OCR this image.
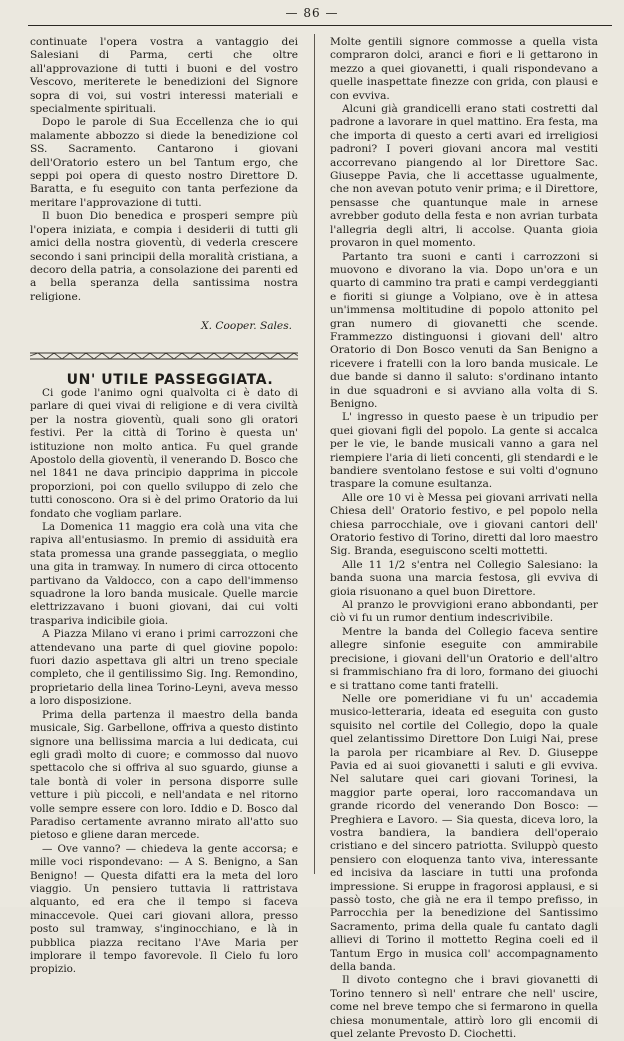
— 86 —

continuate l'opera vostra a vantaggio dei Salesiani di Parma, certi che oltre all'approvazione di tutti i buoni e del vostro Vescovo, meriterete le benedizioni del Signore sopra di voi, sui vostri interessi materiali e specialmente spirituali.

Dopo le parole di Sua Eccellenza che io qui malamente abbozzo si diede la benedizione col SS. Sacramento. Cantarono i giovani dell'Oratorio estero un bel Tantum ergo, che seppi poi opera di questo nostro Direttore D. Baratta, e fu eseguito con tanta perfezione da meritare l'approvazione di tutti.

Il buon Dio benedica e prosperi sempre più l'opera iniziata, e compia i desiderii di tutti gli amici della nostra gioventù, di vederla crescere secondo i sani principii della moralità cristiana, a decoro della patria, a consolazione dei parenti ed a bella speranza della santissima nostra religione.

X. Cooper. Sales.

UN' UTILE PASSEGGIATA.

Ci gode l'animo ogni qualvolta ci è dato di parlare di quei vivai di religione e di vera civiltà per la nostra gioventù, quali sono gli oratori festivi. Per la città di Torino è questa un' istituzione non molto antica. Fu quel grande Apostolo della gioventù, il venerando D. Bosco che nel 1841 ne dava principio dapprima in piccole proporzioni, poi con quello sviluppo di zelo che tutti conoscono. Ora si è del primo Oratorio da lui fondato che vogliam parlare.

La Domenica 11 maggio era colà una vita che rapiva all'entusiasmo. In premio di assiduità era stata promessa una grande passeggiata, o meglio una gita in tramway. In numero di circa ottocento partivano da Valdocco, con a capo dell'immenso squadrone la loro banda musicale. Quelle marcie elettrizzavano i buoni giovani, dai cui volti traspariva indicibile gioia.

A Piazza Milano vi erano i primi carrozzoni che attendevano una parte di quel giovine popolo: fuori dazio aspettava gli altri un treno speciale completo, che il gentilissimo Sig. Ing. Remondino, proprietario della linea Torino-Leyni, aveva messo a loro disposizione.

Prima della partenza il maestro della banda musicale, Sig. Garbellone, offriva a questo distinto signore una bellissima marcia a lui dedicata, cui egli gradì molto di cuore; e commosso dal nuovo spettacolo che si offriva al suo sguardo, giunse a tale bontà di voler in persona disporre sulle vetture i più piccoli, e nell'andata e nel ritorno volle sempre essere con loro. Iddio e D. Bosco dal Paradiso certamente avranno mirato all'atto suo pietoso e gliene daran mercede.

— Ove vanno? — chiedeva la gente accorsa; e mille voci rispondevano: — A S. Benigno, a San Benigno! — Questa difatti era la meta del loro viaggio. Un pensiero tuttavia li rattristava alquanto, ed era che il tempo si faceva minaccevole. Quei cari giovani allora, presso posto sul tramway, s'inginocchiano, e là in pubblica piazza recitano l'Ave Maria per implorare il tempo favorevole. Il Cielo fu loro propizio.

Molte gentili signore commosse a quella vista compraron dolci, aranci e fiori e li gettarono in mezzo a quei giovanetti, i quali rispondevano a quelle inaspettate finezze con grida, con plausi e con evviva.

Alcuni già grandicelli erano stati costretti dal padrone a lavorare in quel mattino. Era festa, ma che importa di questo a certi avari ed irreligiosi padroni? I poveri giovani ancora mal vestiti accorrevano piangendo al lor Direttore Sac. Giuseppe Pavia, che li accettasse ugualmente, che non avevan potuto venir prima; e il Direttore, pensasse che quantunque male in arnese avrebber goduto della festa e non avrian turbata l'allegria degli altri, li accolse. Quanta gioia provaron in quel momento.

Partanto tra suoni e canti i carrozzoni si muovono e divorano la via. Dopo un'ora e un quarto di cammino tra prati e campi verdeggianti e fioriti si giunge a Volpiano, ove è in attesa un'immensa moltitudine di popolo attonito pel gran numero di giovanetti che scende. Frammezzo distinguonsi i giovani dell' altro Oratorio di Don Bosco venuti da San Benigno a ricevere i fratelli con la loro banda musicale. Le due bande si danno il saluto: s'ordinano intanto in due squadroni e si avviano alla volta di S. Benigno.

L' ingresso in questo paese è un tripudio per quei giovani figli del popolo. La gente si accalca per le vie, le bande musicali vanno a gara nel riempiere l'aria di lieti concenti, gli stendardi e le bandiere sventolano festose e sui volti d'ognuno traspare la comune esultanza.

Alle ore 10 vi è Messa pei giovani arrivati nella Chiesa dell' Oratorio festivo, e pel popolo nella chiesa parrocchiale, ove i giovani cantori dell' Oratorio festivo di Torino, diretti dal loro maestro Sig. Branda, eseguiscono scelti mottetti.

Alle 11 1/2 s'entra nel Collegio Salesiano: la banda suona una marcia festosa, gli evviva di gioia risuonano a quel buon Direttore.

Al pranzo le provvigioni erano abbondanti, per ciò vi fu un rumor dentium indescrivibile.

Mentre la banda del Collegio faceva sentire allegre sinfonie eseguite con ammirabile precisione, i giovani dell'un Oratorio e dell'altro si frammischiano fra di loro, formano dei giuochi e si trattano come tanti fratelli.

Nelle ore pomeridiane vi fu un' accademia musico-letteraria, ideata ed eseguita con gusto squisito nel cortile del Collegio, dopo la quale quel zelantissimo Direttore Don Luigi Nai, prese la parola per ricambiare al Rev. D. Giuseppe Pavia ed ai suoi giovanetti i saluti e gli evviva. Nel salutare quei cari giovani Torinesi, la maggior parte operai, loro raccomandava un grande ricordo del venerando Don Bosco: — Preghiera e Lavoro. — Sia questa, diceva loro, la vostra bandiera, la bandiera dell'operaio cristiano e del sincero patriotta. Sviluppò questo pensiero con eloquenza tanto viva, interessante ed incisiva da lasciare in tutti una profonda impressione. Si eruppe in fragorosi applausi, e si passò tosto, che già ne era il tempo prefisso, in Parrocchia per la benedizione del Santissimo Sacramento, prima della quale fu cantato dagli allievi di Torino il mottetto Regina coeli ed il Tantum Ergo in musica coll' accompagnamento della banda.

Il divoto contegno che i bravi giovanetti di Torino tennero sì nell' entrare che nell' uscire, come nel breve tempo che si fermarono in quella chiesa monumentale, attirò loro gli encomii di quel zelante Prevosto D. Ciochetti.
